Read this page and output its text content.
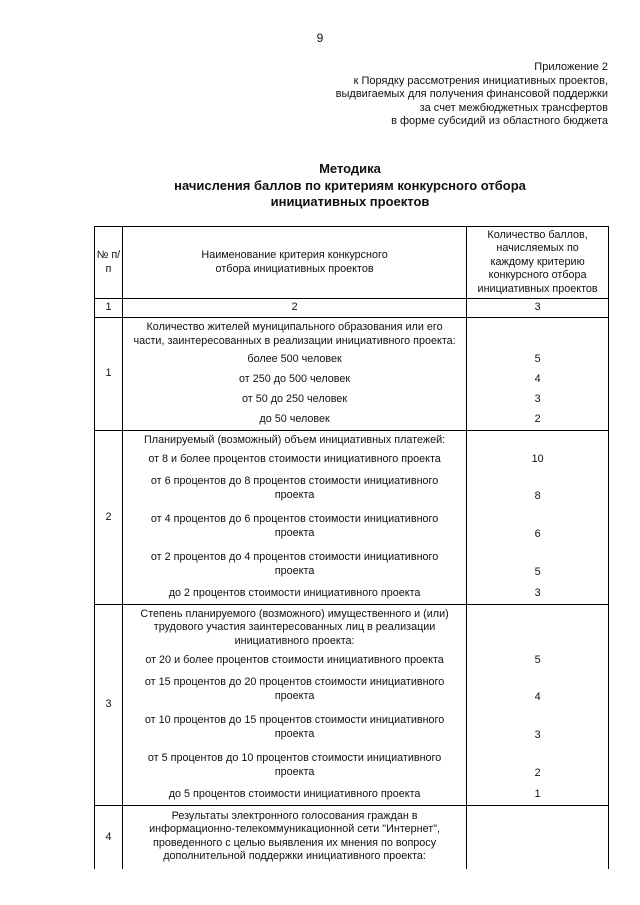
9
Приложение 2
к Порядку рассмотрения инициативных проектов,
выдвигаемых для получения финансовой поддержки
за счет межбюджетных трансфертов
в форме субсидий из областного бюджета
Методика
начисления баллов по критериям конкурсного отбора
инициативных проектов
№ п/п	Наименование критерия конкурсного отбора инициативных проектов	Количество баллов, начисляемых по каждому критерию конкурсного отбора инициативных проектов

1	2	3
1	Количество жителей муниципального образования или его части, заинтересованных в реализации инициативного проекта:	
	более 500 человек	5
	от 250 до 500 человек	4
	от 50 до 250 человек	3
	до 50 человек	2
2	Планируемый (возможный) объем инициативных платежей:	
	от 8 и более процентов стоимости инициативного проекта	10
	от 6 процентов до 8 процентов стоимости инициативного проекта	8
	от 4 процентов до 6 процентов стоимости инициативного проекта	6
	от 2 процентов до 4 процентов стоимости инициативного проекта	5
	до 2 процентов стоимости инициативного проекта	3
3	Степень планируемого (возможного) имущественного и (или) трудового участия заинтересованных лиц в реализации инициативного проекта:	
	от 20 и более процентов стоимости инициативного проекта	5
	от 15 процентов до 20 процентов стоимости инициативного проекта	4
	от 10 процентов до 15 процентов стоимости инициативного проекта	3
	от 5 процентов до 10 процентов стоимости инициативного проекта	2
	до 5 процентов стоимости инициативного проекта	1
4	Результаты электронного голосования граждан в информационно-телекоммуникационной сети "Интернет", проведенного с целью выявления их мнения по вопросу дополнительной поддержки инициативного проекта:	
